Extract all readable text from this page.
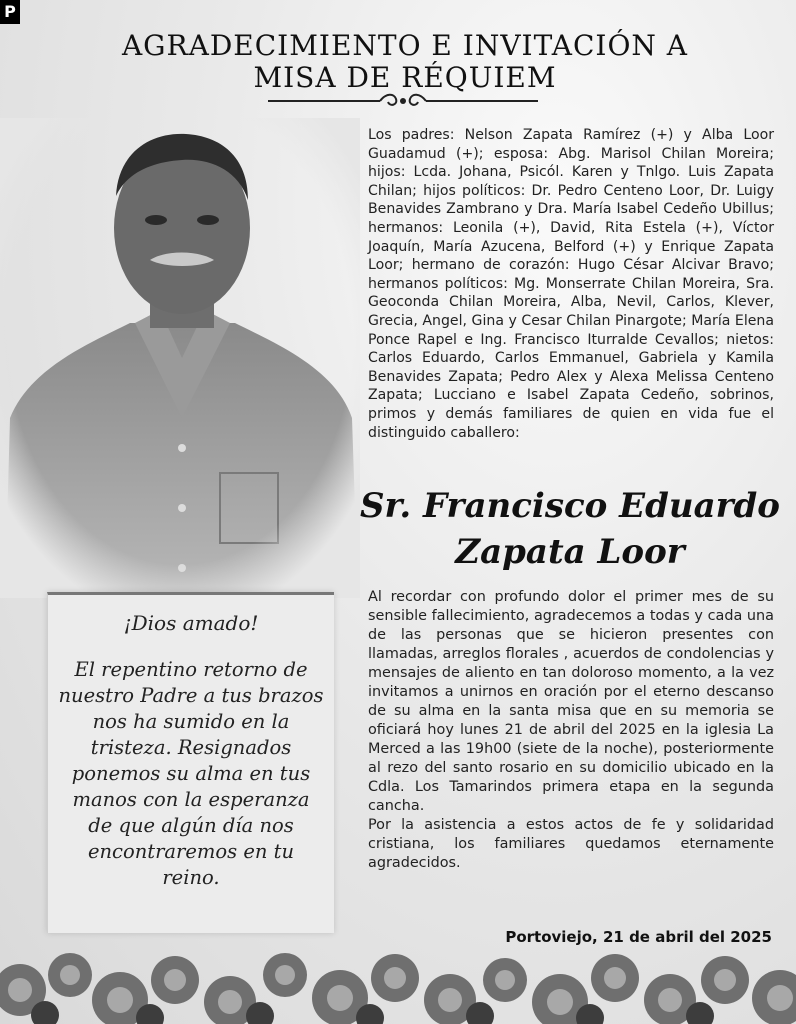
P
AGRADECIMIENTO E INVITACIÓN A
MISA DE RÉQUIEM
Los padres: Nelson Zapata Ramírez (+) y Alba Loor Guadamud (+); esposa: Abg. Marisol Chilan Moreira; hijos: Lcda. Johana, Psicól. Karen y Tnlgo. Luis Zapata Chilan; hijos políticos: Dr. Pedro Centeno Loor, Dr. Luigy Benavides Zambrano y Dra. María Isabel Cedeño Ubillus; hermanos: Leonila (+), David, Rita Estela (+), Víctor Joaquín, María Azucena, Belford (+) y Enrique Zapata Loor; hermano de corazón: Hugo César Alcivar Bravo; hermanos políticos: Mg. Monserrate Chilan Moreira, Sra. Geoconda Chilan Moreira, Alba, Nevil, Carlos, Klever, Grecia, Angel, Gina y Cesar Chilan Pinargote; María Elena Ponce Rapel e Ing. Francisco Iturralde Cevallos; nietos: Carlos Eduardo, Carlos Emmanuel, Gabriela y Kamila Benavides Zapata; Pedro Alex y Alexa Melissa Centeno Zapata; Lucciano e Isabel Zapata Cedeño, sobrinos, primos y demás familiares de quien en vida fue el distinguido caballero:
Sr. Francisco Eduardo
Zapata Loor
¡Dios amado!
El repentino retorno de nuestro Padre a tus brazos nos ha sumido en la tristeza. Resignados ponemos su alma en tus manos con la esperanza de que algún día nos encontraremos en tu reino.

Al recordar con profundo dolor el primer mes de su sensible fallecimiento, agradecemos a todas y cada una de las personas que se hicieron presentes con llamadas, arreglos florales , acuerdos de condolencias y mensajes de aliento en tan doloroso momento, a la vez invitamos a unirnos en oración por el eterno descanso de su alma en la santa misa que en su memoria se oficiará hoy lunes 21 de abril del 2025 en la iglesia La Merced a las 19h00 (siete de la noche), posteriormente al rezo del santo rosario en su domicilio ubicado en la Cdla. Los Tamarindos primera etapa en la segunda cancha.

Por la asistencia a estos actos de fe y solidaridad cristiana, los familiares quedamos eternamente agradecidos.

Portoviejo, 21 de abril del 2025
